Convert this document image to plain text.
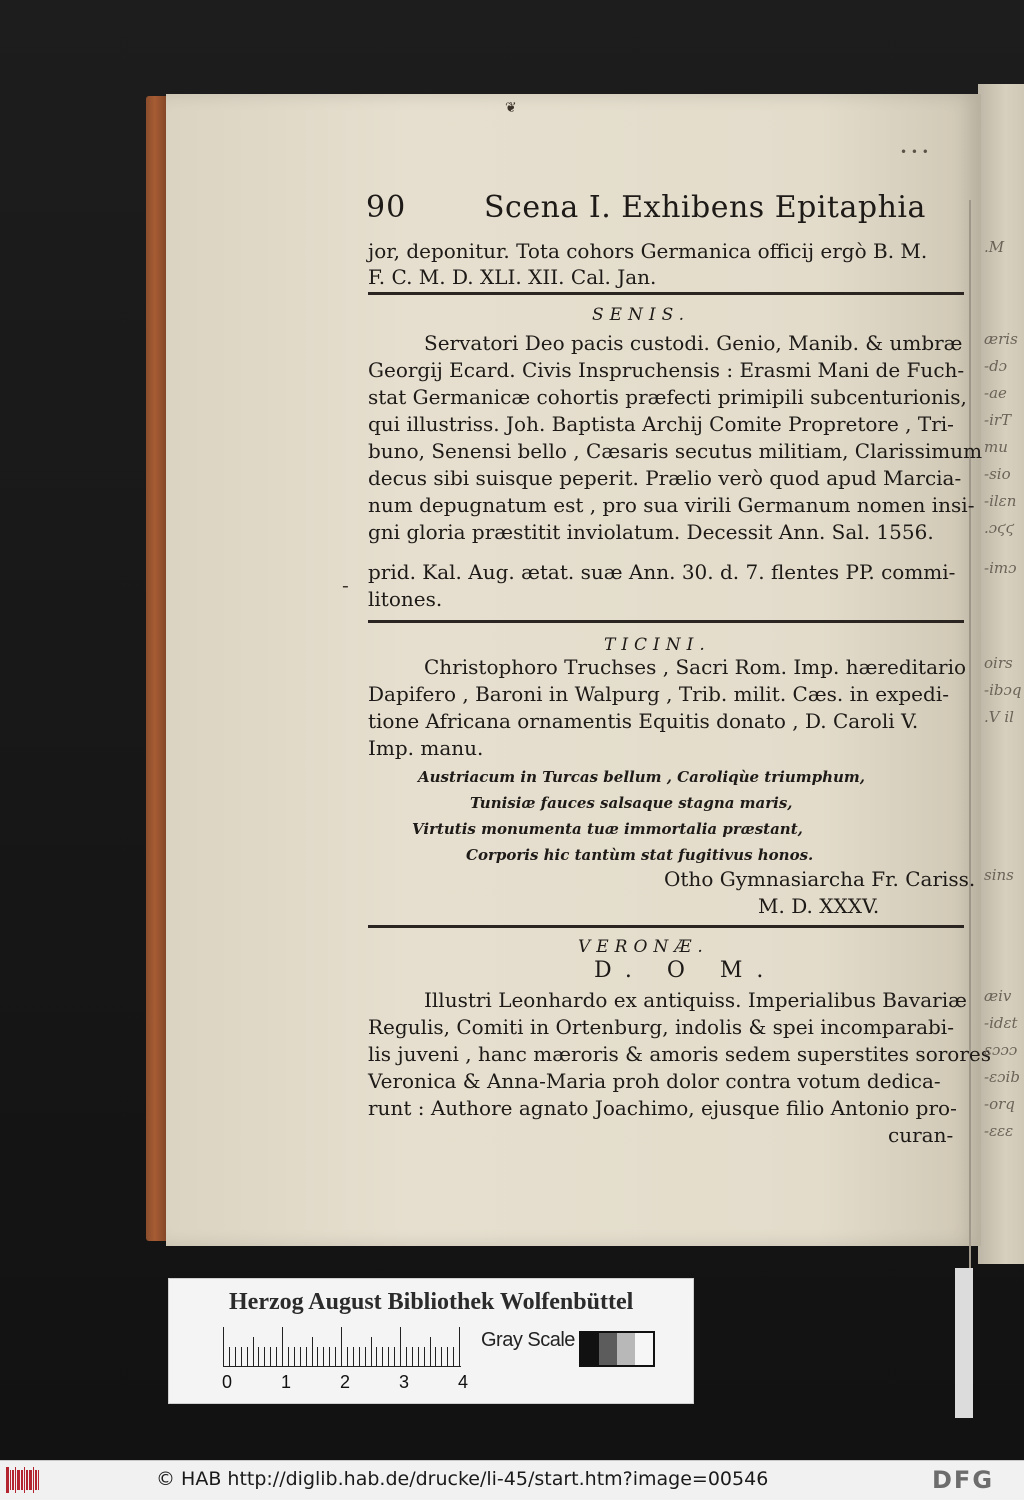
❦
• • •
90	Scena I. Exhibens Epitaphia
jor, deponitur. Tota cohors Germanica officij ergò B. M.
F. C. M. D. XLI. XII. Cal. Jan.
SENIS.
Servatori Deo pacis custodi. Genio, Manib. & umbræ
Georgij Ecard. Civis Inspruchensis : Erasmi Mani de Fuch-
stat Germanicæ cohortis præfecti primipili subcenturionis,
qui illustriss. Joh. Baptista Archij Comite Propretore , Tri-
buno, Senensi bello , Cæsaris secutus militiam, Clarissimum
decus sibi suisque peperit. Prælio verò quod apud Marcia-
num depugnatum est , pro sua virili Germanum nomen insi-
gni gloria præstitit inviolatum. Decessit Ann. Sal. 1556.
prid. Kal. Aug. ætat. suæ Ann. 30. d. 7. flentes PP. commi-
litones.
-
TICINI.
Christophoro Truchses , Sacri Rom. Imp. hæreditario
Dapifero , Baroni in Walpurg , Trib. milit. Cæs. in expedi-
tione Africana ornamentis Equitis donato , D. Caroli V.
Imp. manu.
Austriacum in Turcas bellum , Caroliqùe triumphum,
Tunisiæ fauces salsaque stagna maris,
Virtutis monumenta tuæ immortalia præstant,
Corporis hic tantùm stat fugitivus honos.
Otho Gymnasiarcha Fr. Cariss.
M. D. XXXV.
VERONÆ.
D. O M.
Illustri Leonhardo ex antiquiss. Imperialibus Bavariæ
Regulis, Comiti in Ortenburg, indolis & spei incomparabi-
lis juveni , hanc mæroris & amoris sedem superstites sorores
Veronica & Anna-Maria proh dolor contra votum dedica-
runt : Authore agnato Joachimo, ejusque filio Antonio pro-
curan-
.M
æris
-dɔ
-ae
-irT
mu
-sio
-ilɛn
.ɔϛϛ
-imɔ
oirs
-ibɔq
.V il
sins
æiv
-idɛt
ɛɔɔɔ
-ɛɔib
-orq
-ɛɛɛ
Herzog August Bibliothek Wolfenbüttel
0	1	2	3	4
Gray Scale
© HAB http://diglib.hab.de/drucke/li-45/start.htm?image=00546	DFG
